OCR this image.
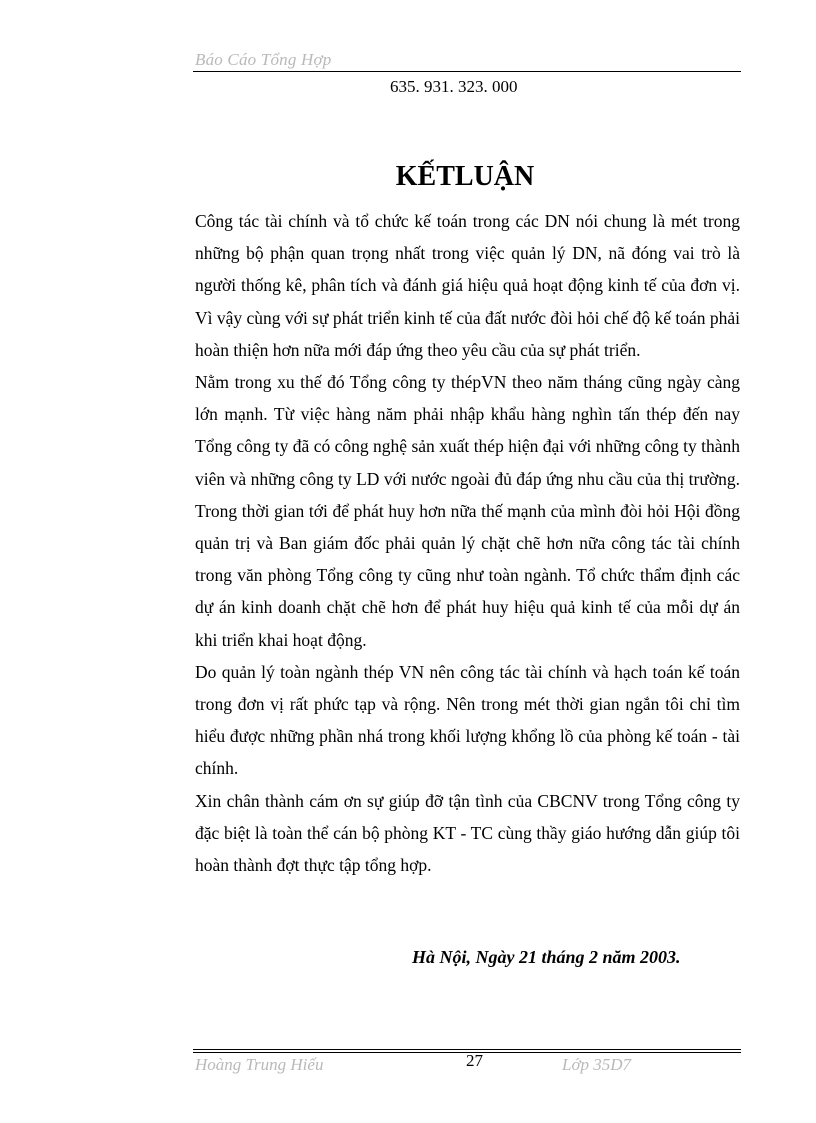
Báo Cáo Tổng Hợp
635. 931. 323. 000
KẾTLUẬN

Công tác tài chính và tổ chức kế toán trong các DN nói chung là mét trong những bộ phận quan trọng nhất trong việc quản lý DN, nã đóng vai trò là người thống kê, phân tích và đánh giá hiệu quả hoạt động kinh tế của đơn vị. Vì vậy cùng với sự phát triển kinh tế của đất nước đòi hỏi chế độ kế toán phải hoàn thiện hơn nữa mới đáp ứng theo yêu cầu của sự phát triển.

Nằm trong xu thế đó Tổng công ty thépVN theo năm tháng cũng ngày càng lớn mạnh. Từ việc hàng năm phải nhập khẩu hàng nghìn tấn thép đến nay Tổng công ty đã có công nghệ sản xuất thép hiện đại với những công ty thành viên và những công ty LD với nước ngoài đủ đáp ứng nhu cầu của thị trường. Trong thời gian tới để phát huy hơn nữa thế mạnh của mình đòi hỏi Hội đồng quản trị và Ban giám đốc phải quản lý chặt chẽ hơn nữa công tác tài chính trong văn phòng Tổng công ty cũng như toàn ngành. Tổ chức thẩm định các dự án kinh doanh chặt chẽ hơn để phát huy hiệu quả kinh tế của mỗi dự án khi triển khai hoạt động.

Do quản lý toàn ngành thép VN nên công tác tài chính và hạch toán kế toán trong đơn vị rất phức tạp và rộng. Nên trong mét thời gian ngắn tôi chỉ tìm hiểu được những phần nhá trong khối lượng khổng lồ của phòng kế toán - tài chính.

Xin chân thành cám ơn sự giúp đỡ tận tình của CBCNV trong Tổng công ty đặc biệt là toàn thể cán bộ phòng KT - TC cùng thầy giáo hướng dẫn giúp tôi hoàn thành đợt thực tập tổng hợp.

Hà Nội, Ngày 21 tháng 2 năm 2003.
Hoàng Trung Hiếu	27	Lớp 35D7
